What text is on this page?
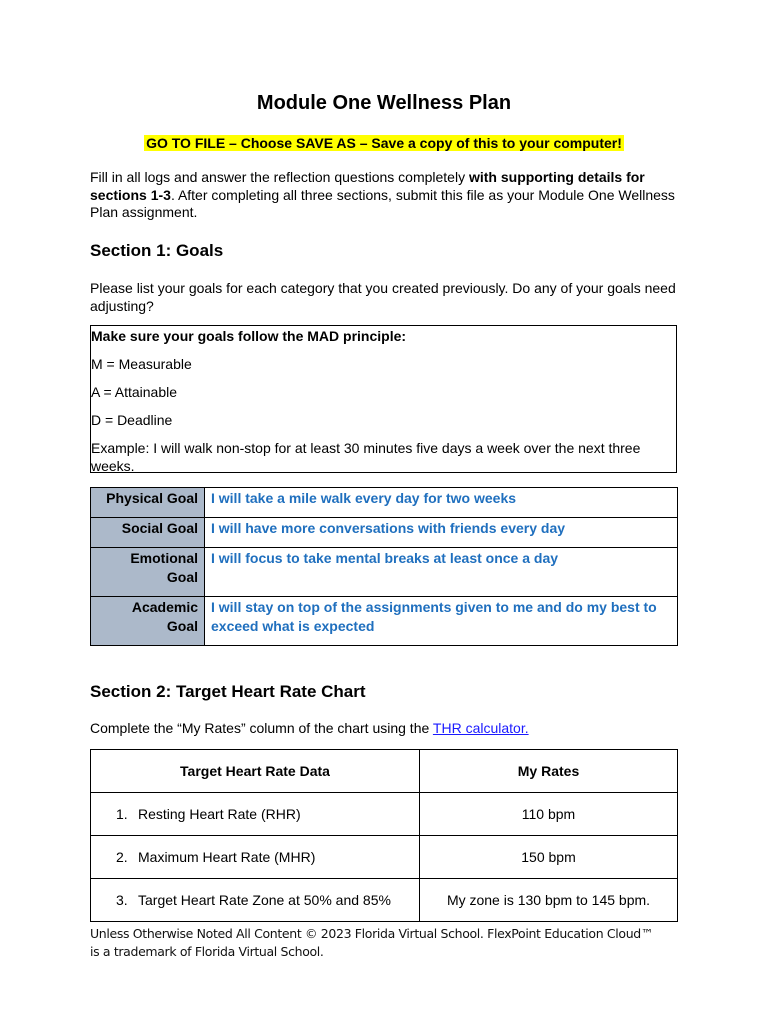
Module One Wellness Plan
GO TO FILE – Choose SAVE AS – Save a copy of this to your computer!
Fill in all logs and answer the reflection questions completely with supporting details for sections 1-3. After completing all three sections, submit this file as your Module One Wellness Plan assignment.
Section 1: Goals
Please list your goals for each category that you created previously. Do any of your goals need adjusting?
Make sure your goals follow the MAD principle:
M = Measurable
A = Attainable
D = Deadline
Example: I will walk non-stop for at least 30 minutes five days a week over the next three weeks.
Physical Goal	I will take a mile walk every day for two weeks
Social Goal	I will have more conversations with friends every day
Emotional Goal	I will focus to take mental breaks at least once a day
Academic Goal	I will stay on top of the assignments given to me and do my best to exceed what is expected
Section 2: Target Heart Rate Chart
Complete the “My Rates” column of the chart using the THR calculator.
Target Heart Rate Data	My Rates
1. Resting Heart Rate (RHR)	110 bpm
2. Maximum Heart Rate (MHR)	150 bpm
3. Target Heart Rate Zone at 50% and 85%	My zone is 130 bpm to 145 bpm.
Unless Otherwise Noted All Content © 2023 Florida Virtual School. FlexPoint Education Cloud™ is a trademark of Florida Virtual School.
